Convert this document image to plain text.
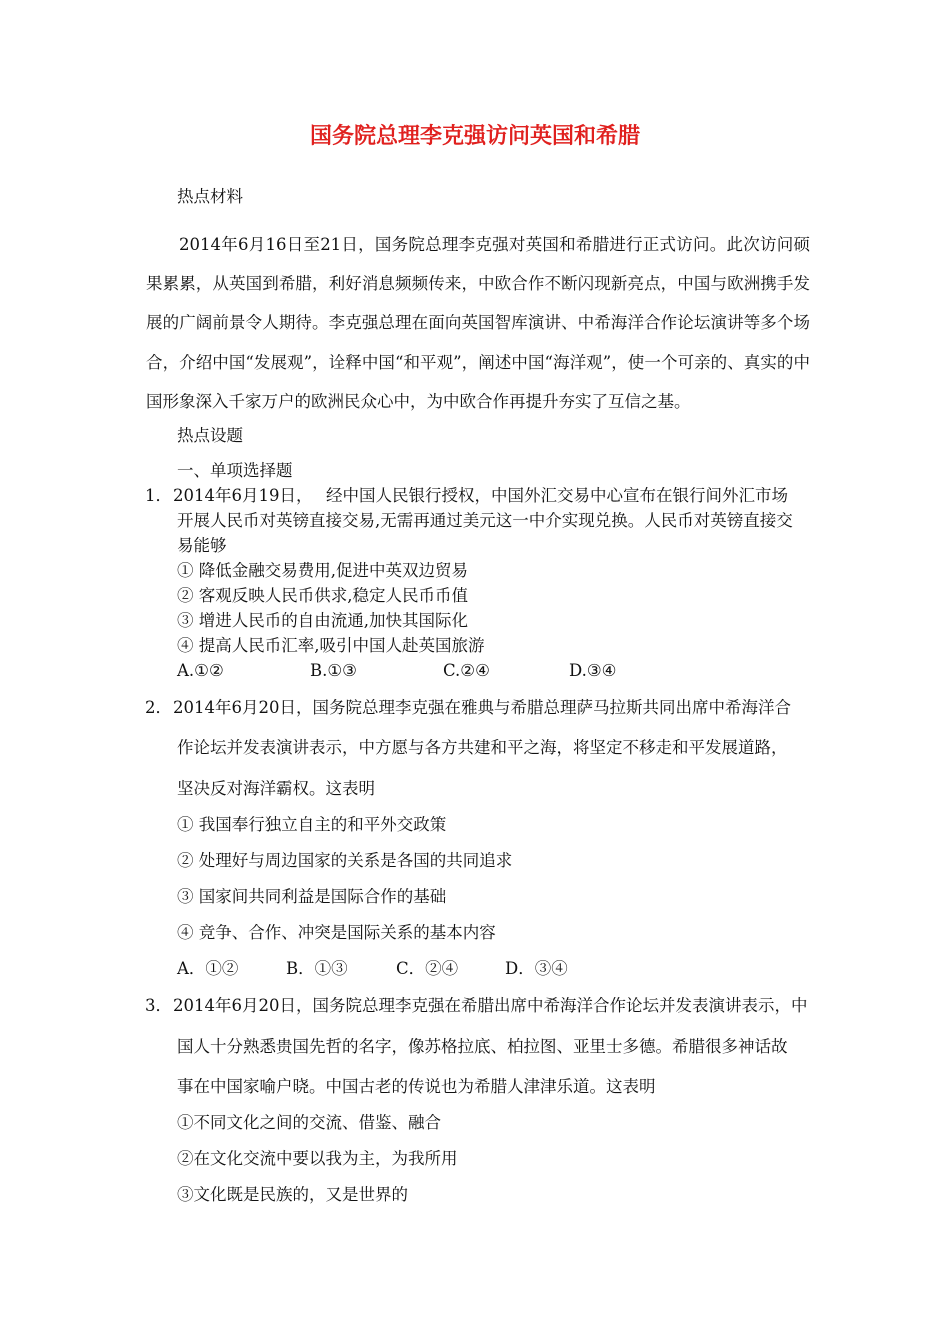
国务院总理李克强访问英国和希腊
热点材料
2014年6月16日至21日，国务院总理李克强对英国和希腊进行正式访问。此次访问硕果累累，从英国到希腊，利好消息频频传来，中欧合作不断闪现新亮点，中国与欧洲携手发展的广阔前景令人期待。李克强总理在面向英国智库演讲、中希海洋合作论坛演讲等多个场合，介绍中国“发展观”，诠释中国“和平观”，阐述中国“海洋观”，使一个可亲的、真实的中国形象深入千家万户的欧洲民众心中，为中欧合作再提升夯实了互信之基。
热点设题
一、单项选择题
1． 2014年6月19日，　 经中国人民银行授权，中国外汇交易中心宣布在银行间外汇市场
开展人民币对英镑直接交易,无需再通过美元这一中介实现兑换。人民币对英镑直接交
易能够
① 降低金融交易费用,促进中英双边贸易
② 客观反映人民币供求,稳定人民币币值
③ 增进人民币的自由流通,加快其国际化
④ 提高人民币汇率,吸引中国人赴英国旅游
A.①②	B.①③	C.②④	D.③④
2． 2014年6月20日，国务院总理李克强在雅典与希腊总理萨马拉斯共同出席中希海洋合
作论坛并发表演讲表示，中方愿与各方共建和平之海，将坚定不移走和平发展道路，
坚决反对海洋霸权。这表明
① 我国奉行独立自主的和平外交政策
② 处理好与周边国家的关系是各国的共同追求
③ 国家间共同利益是国际合作的基础
④ 竞争、合作、冲突是国际关系的基本内容
A．①②	B．①③	C．②④	D．③④
3． 2014年6月20日，国务院总理李克强在希腊出席中希海洋合作论坛并发表演讲表示，中
国人十分熟悉贵国先哲的名字，像苏格拉底、柏拉图、亚里士多德。希腊很多神话故
事在中国家喻户晓。中国古老的传说也为希腊人津津乐道。这表明
①不同文化之间的交流、借鉴、融合
②在文化交流中要以我为主，为我所用
③文化既是民族的，又是世界的
